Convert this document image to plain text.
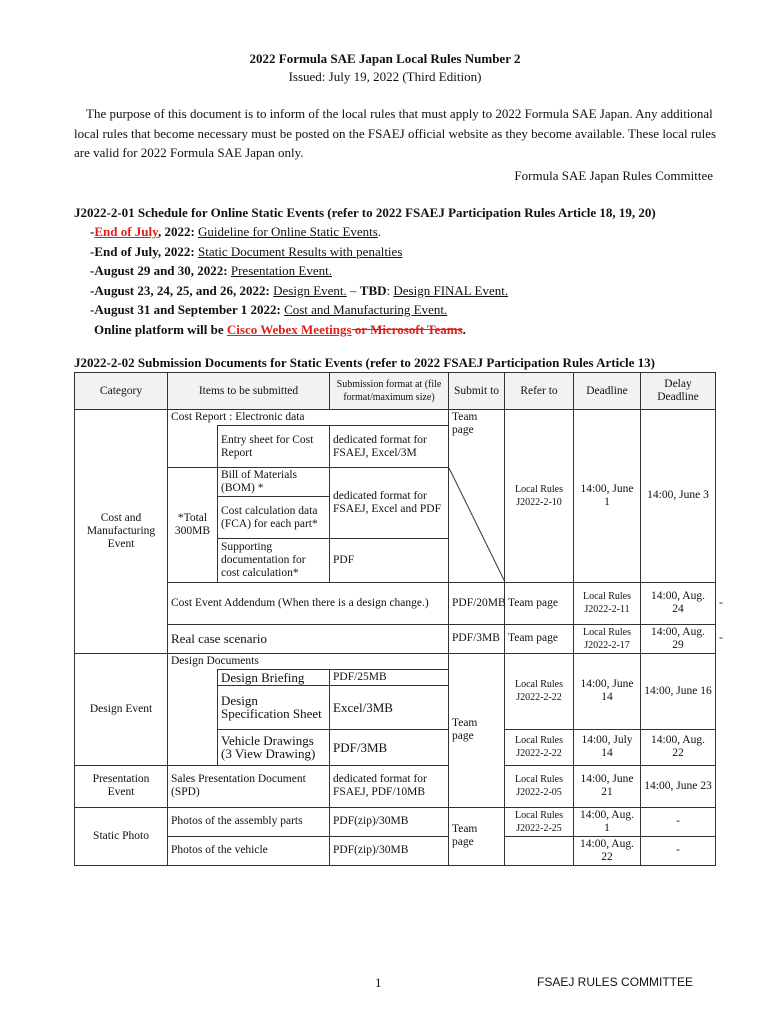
2022 Formula SAE Japan Local Rules Number 2
Issued: July 19, 2022 (Third Edition)
The purpose of this document is to inform of the local rules that must apply to 2022 Formula SAE Japan. Any additional local rules that become necessary must be posted on the FSAEJ official website as they become available. These local rules are valid for 2022 Formula SAE Japan only.
Formula SAE Japan Rules Committee
J2022-2-01 Schedule for Online Static Events (refer to 2022 FSAEJ Participation Rules Article 18, 19, 20)
-End of July, 2022: Guideline for Online Static Events.
-End of July, 2022: Static Document Results with penalties
-August 29 and 30, 2022: Presentation Event.
-August 23, 24, 25, and 26, 2022: Design Event. – TBD: Design FINAL Event.
-August 31 and September 1 2022: Cost and Manufacturing Event.
Online platform will be Cisco Webex Meetings or Microsoft Teams.
J2022-2-02 Submission Documents for Static Events (refer to 2022 FSAEJ Participation Rules Article 13)
Category	Items to be submitted		Submission format at (file format/maximum size)	Submit to	Refer to	Deadline	Delay Deadline	
Cost and Manufacturing Event	Cost Report : Electronic data			Team page	Local Rules J2022-2-10	14:00, June 1	14:00, June 3	
		Entry sheet for Cost Report	dedicated format for FSAEJ, Excel/3M					
	*Total 300MB	Bill of Materials (BOM) *	dedicated format for FSAEJ, Excel and PDF	

		Cost calculation data (FCA) for each part*						
		Supporting documentation for cost calculation*	PDF					
	Cost Event Addendum (When there is a design change.)			PDF/20MB	Team page	Local Rules J2022-2-11	14:00, Aug. 24	-
	Real case scenario			PDF/3MB	Team page	Local Rules J2022-2-17	14:00, Aug. 29	-
Design Event	Design Documents			Team page	Local Rules J2022-2-22	14:00, June 14	14:00, June 16	
		Design Briefing	PDF/25MB					
		Design Specification Sheet	Excel/3MB					
		Vehicle Drawings (3 View Drawing)	PDF/3MB		Local Rules J2022-2-22	14:00, July 14	14:00, Aug. 22	
Presentation Event	Sales Presentation Document (SPD)		dedicated format for FSAEJ, PDF/10MB		Local Rules J2022-2-05	14:00, June 21	14:00, June 23	
Static Photo	Photos of the assembly parts		PDF(zip)/30MB	Team page	Local Rules J2022-2-25	14:00, Aug. 1	-	
	Photos of the vehicle		PDF(zip)/30MB			14:00, Aug. 22	-	
1	FSAEJ RULES COMMITTEE
